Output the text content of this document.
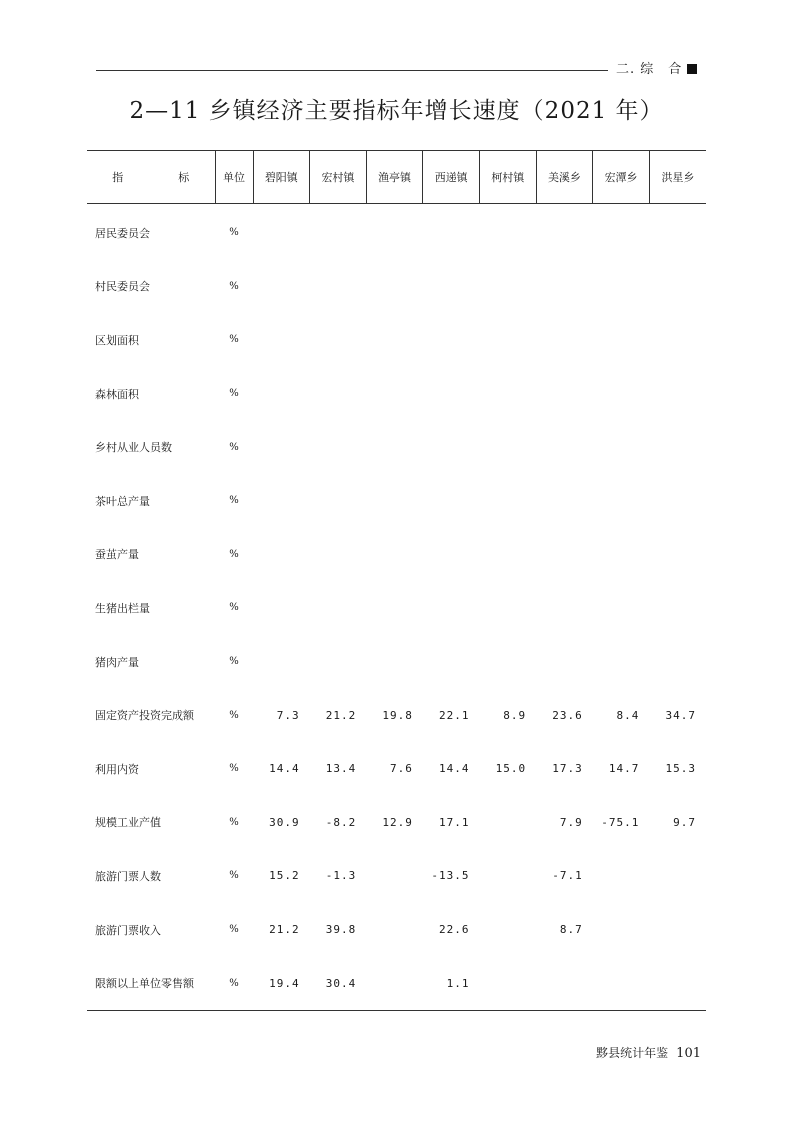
二. 综　合
2—11 乡镇经济主要指标年增长速度（2021 年）
指　标	单位	碧阳镇	宏村镇	渔亭镇	西递镇	柯村镇	美溪乡	宏潭乡	洪星乡
居民委员会	%								
村民委员会	%								
区划面积	%								
森林面积	%								
乡村从业人员数	%								
茶叶总产量	%								
蚕茧产量	%								
生猪出栏量	%								
猪肉产量	%								
固定资产投资完成额	%	7.3	21.2	19.8	22.1	8.9	23.6	8.4	34.7
利用内资	%	14.4	13.4	7.6	14.4	15.0	17.3	14.7	15.3
规模工业产值	%	30.9	-8.2	12.9	17.1		7.9	-75.1	9.7
旅游门票人数	%	15.2	-1.3		-13.5		-7.1		
旅游门票收入	%	21.2	39.8		22.6		8.7		
限额以上单位零售额	%	19.4	30.4		1.1				
黟县统计年鉴 101
